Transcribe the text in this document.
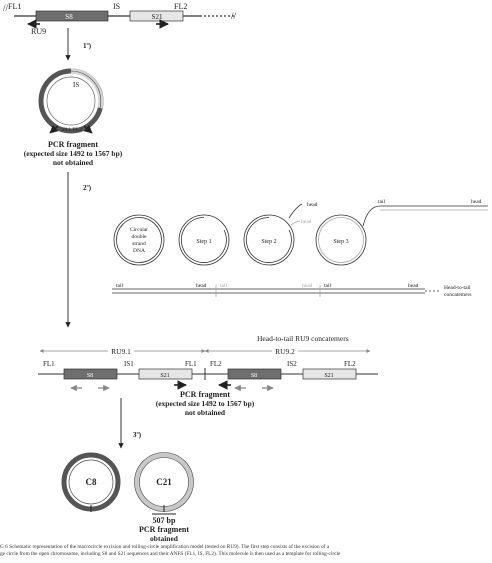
//
//
FL1
S8
IS
S21
FL2
RU9
1º)
IS
FL1 FL2
PCR fragment
(expected size 1492 to 1567 bp)
not obtained
2º)
Circular
double
strand
DNA
Step 1
head
head
Step 2
tail	head
Step 3
tail	head tail	head tail	head	Head-to-tail
concatemers
Head-to-tail RU9 concatemers
RU9.1	RU9.2
FL1
S8
IS1
S21
FL1 FL2
S8
IS2
S21
FL2
PCR fragment
(expected size 1492 to 1567 bp)
not obtained
3º)
C8	C21
507 bp
PCR fragment
obtained
G 6 Schematic representation of the macrocircle excision and rolling-circle amplification model (tested on RU9). The first step consists of the excision of a
ge circle from the open chromosome, including S8 and S21 sequences and their ANFS (FL1, IS, FL2). This molecule is then used as a template for rolling-circle
